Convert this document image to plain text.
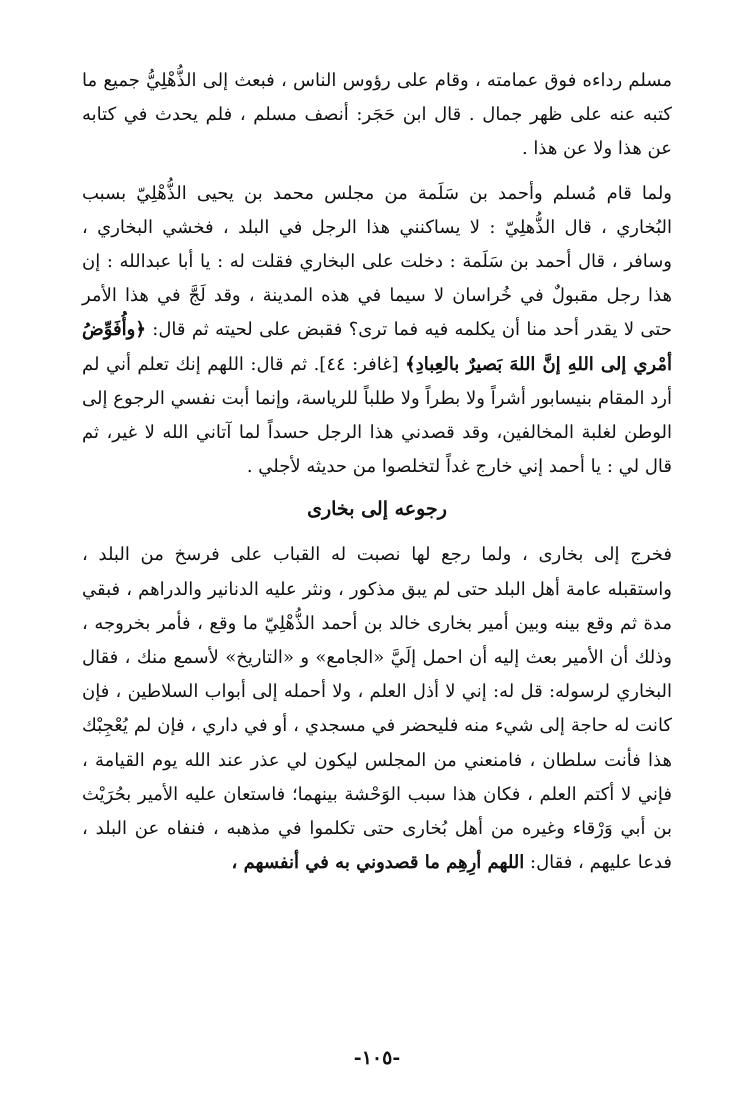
مسلم رداءه فوق عمامته ، وقام على رؤوس الناس ، فبعث إلى الذُّهْلِيُّ جميع ما كتبه عنه على ظهر جمال . قال ابن حَجَر: أنصف مسلم ، فلم يحدث في كتابه عن هذا ولا عن هذا .

ولما قام مُسلم وأحمد بن سَلَمة من مجلس محمد بن يحيى الذُّهْلِيّ بسبب البُخاري ، قال الذُّهلِيّ : لا يساكنني هذا الرجل في البلد ، فخشي البخاري ، وسافر ، قال أحمد بن سَلَمة : دخلت على البخاري فقلت له : يا أبا عبدالله : إن هذا رجل مقبولٌ في خُراسان لا سيما في هذه المدينة ، وقد لَجَّ في هذا الأمر حتى لا يقدر أحد منا أن يكلمه فيه فما ترى؟ فقبض على لحيته ثم قال: ﴿وأُفَوِّضُ أمْري إلى اللهِ إنَّ اللهَ بَصيرٌ بالعِبادِ﴾ [غافر: ٤٤]. ثم قال: اللهم إنك تعلم أني لم أرد المقام بنيسابور أشراً ولا بطراً ولا طلباً للرياسة، وإنما أبت نفسي الرجوع إلى الوطن لغلبة المخالفين، وقد قصدني هذا الرجل حسداً لما آتاني الله لا غير، ثم قال لي : يا أحمد إني خارج غداً لتخلصوا من حديثه لأجلي .

رجوعه إلى بخارى

فخرج إلى بخارى ، ولما رجع لها نصبت له القباب على فرسخ من البلد ، واستقبله عامة أهل البلد حتى لم يبق مذكور ، ونثر عليه الدنانير والدراهم ، فبقي مدة ثم وقع بينه وبين أمير بخارى خالد بن أحمد الذُّهْلِيّ ما وقع ، فأمر بخروجه ، وذلك أن الأمير بعث إليه أن احمل إلَيَّ «الجامع» و «التاريخ» لأسمع منك ، فقال البخاري لرسوله: قل له: إني لا أذل العلم ، ولا أحمله إلى أبواب السلاطين ، فإن كانت له حاجة إلى شيء منه فليحضر في مسجدي ، أو في داري ، فإن لم يُعْجِبْك هذا فأنت سلطان ، فامنعني من المجلس ليكون لي عذر عند الله يوم القيامة ، فإني لا أكتم العلم ، فكان هذا سبب الوَحْشة بينهما؛ فاستعان عليه الأمير بحُرَيْث بن أبي وَرْقاء وغيره من أهل بُخارى حتى تكلموا في مذهبه ، فنفاه عن البلد ، فدعا عليهم ، فقال: اللهم أرِهِم ما قصدوني به في أنفسهم ،

-١٠٥-
